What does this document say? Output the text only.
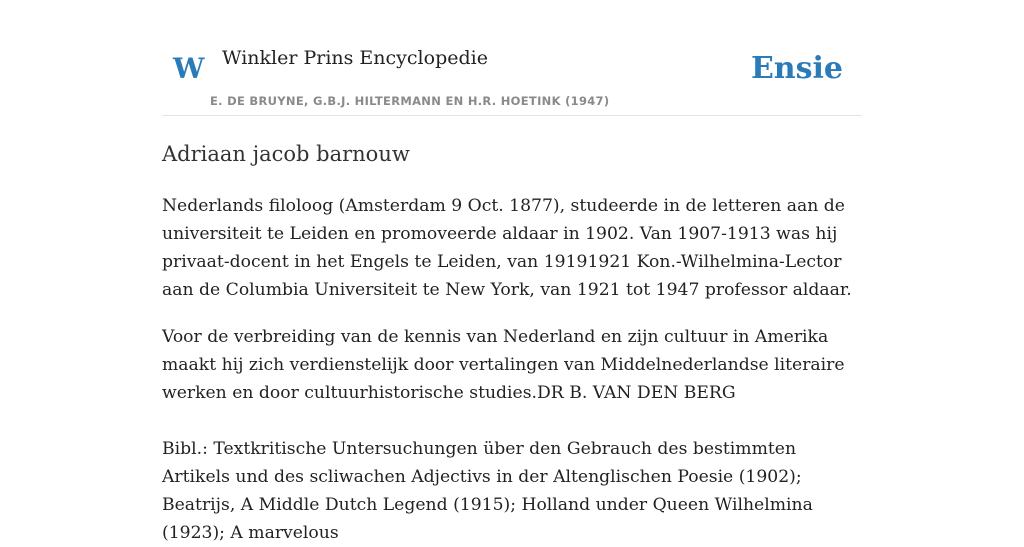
W Winkler Prins Encyclopedie
E. DE BRUYNE, G.B.J. HILTERMANN EN H.R. HOETINK (1947)
Ensie
Adriaan jacob barnouw

Nederlands filoloog (Amsterdam 9 Oct. 1877), studeerde in de letteren aan de universiteit te Leiden en promoveerde aldaar in 1902. Van 1907-1913 was hij privaat-docent in het Engels te Leiden, van 19191921 Kon.-Wilhelmina-Lector aan de Columbia Universiteit te New York, van 1921 tot 1947 professor aldaar.

Voor de verbreiding van de kennis van Nederland en zijn cultuur in Amerika maakt hij zich verdienstelijk door vertalingen van Middelnederlandse literaire werken en door cultuurhistorische studies.DR B. VAN DEN BERG

Bibl.: Textkritische Untersuchungen über den Gebrauch des bestimmten Artikels und des scliwachen Adjectivs in der Altenglischen Poesie (1902); Beatrijs, A Middle Dutch Legend (1915); Holland under Queen Wilhelmina (1923); A marvelous
